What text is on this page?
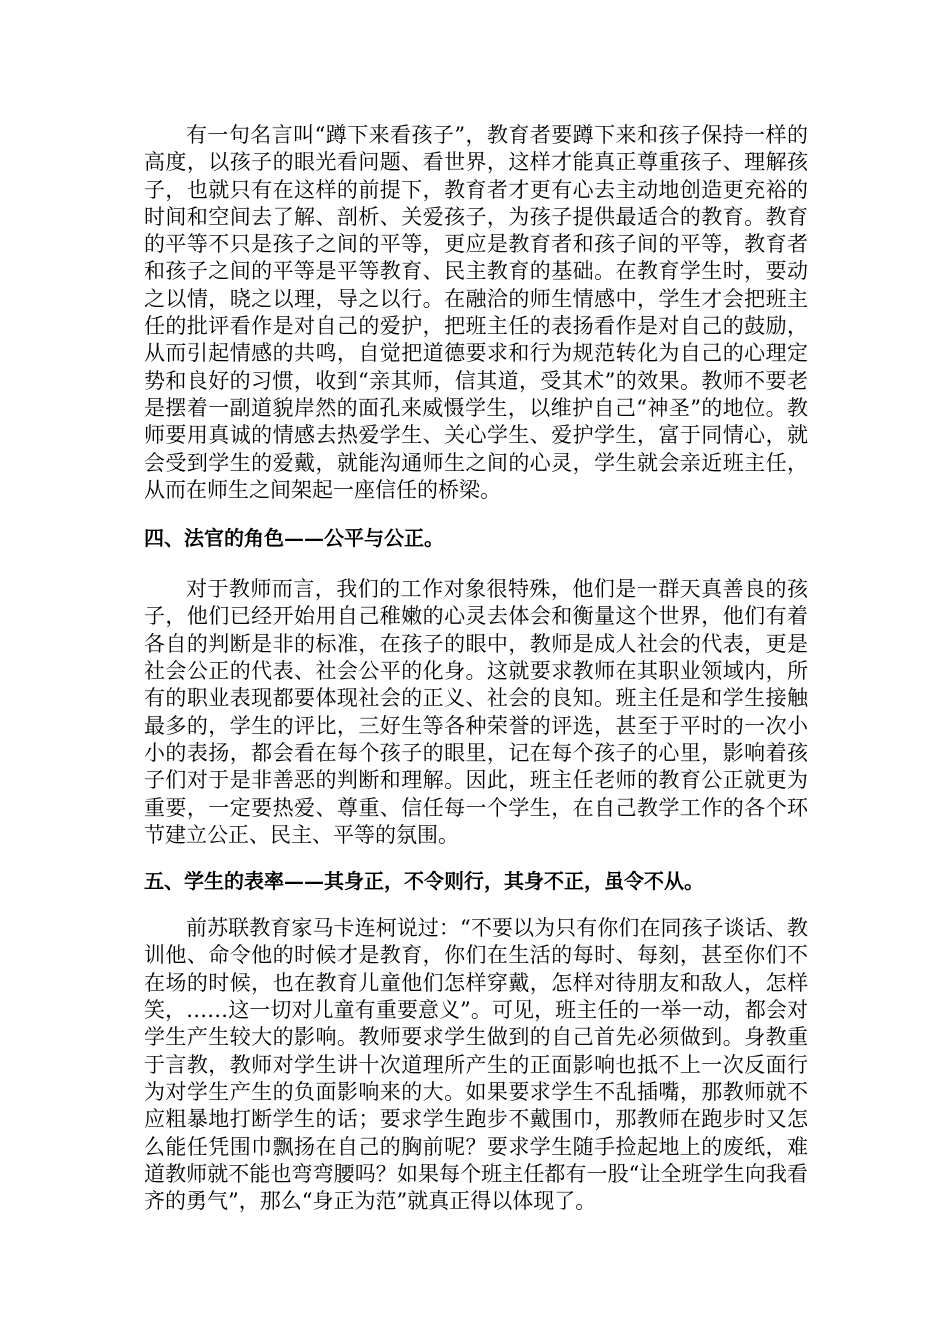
有一句名言叫“蹲下来看孩子”，教育者要蹲下来和孩子保持一样的高度，以孩子的眼光看问题、看世界，这样才能真正尊重孩子、理解孩子，也就只有在这样的前提下，教育者才更有心去主动地创造更充裕的时间和空间去了解、剖析、关爱孩子，为孩子提供最适合的教育。教育的平等不只是孩子之间的平等，更应是教育者和孩子间的平等，教育者和孩子之间的平等是平等教育、民主教育的基础。在教育学生时，要动之以情，晓之以理，导之以行。在融洽的师生情感中，学生才会把班主任的批评看作是对自己的爱护，把班主任的表扬看作是对自己的鼓励，从而引起情感的共鸣，自觉把道德要求和行为规范转化为自己的心理定势和良好的习惯，收到“亲其师，信其道，受其术”的效果。教师不要老是摆着一副道貌岸然的面孔来威慑学生，以维护自己“神圣”的地位。教师要用真诚的情感去热爱学生、关心学生、爱护学生，富于同情心，就会受到学生的爱戴，就能沟通师生之间的心灵，学生就会亲近班主任，从而在师生之间架起一座信任的桥梁。

四、法官的角色——公平与公正。

对于教师而言，我们的工作对象很特殊，他们是一群天真善良的孩子，他们已经开始用自己稚嫩的心灵去体会和衡量这个世界，他们有着各自的判断是非的标准，在孩子的眼中，教师是成人社会的代表，更是社会公正的代表、社会公平的化身。这就要求教师在其职业领域内，所有的职业表现都要体现社会的正义、社会的良知。班主任是和学生接触最多的，学生的评比，三好生等各种荣誉的评选，甚至于平时的一次小小的表扬，都会看在每个孩子的眼里，记在每个孩子的心里，影响着孩子们对于是非善恶的判断和理解。因此，班主任老师的教育公正就更为重要，一定要热爱、尊重、信任每一个学生，在自己教学工作的各个环节建立公正、民主、平等的氛围。

五、学生的表率——其身正，不令则行，其身不正，虽令不从。

前苏联教育家马卡连柯说过：“不要以为只有你们在同孩子谈话、教训他、命令他的时候才是教育，你们在生活的每时、每刻，甚至你们不在场的时候，也在教育儿童他们怎样穿戴，怎样对待朋友和敌人，怎样笑，……这一切对儿童有重要意义”。可见，班主任的一举一动，都会对学生产生较大的影响。教师要求学生做到的自己首先必须做到。身教重于言教，教师对学生讲十次道理所产生的正面影响也抵不上一次反面行为对学生产生的负面影响来的大。如果要求学生不乱插嘴，那教师就不应粗暴地打断学生的话；要求学生跑步不戴围巾，那教师在跑步时又怎么能任凭围巾飘扬在自己的胸前呢？要求学生随手捡起地上的废纸，难道教师就不能也弯弯腰吗？如果每个班主任都有一股“让全班学生向我看齐的勇气”，那么“身正为范”就真正得以体现了。
